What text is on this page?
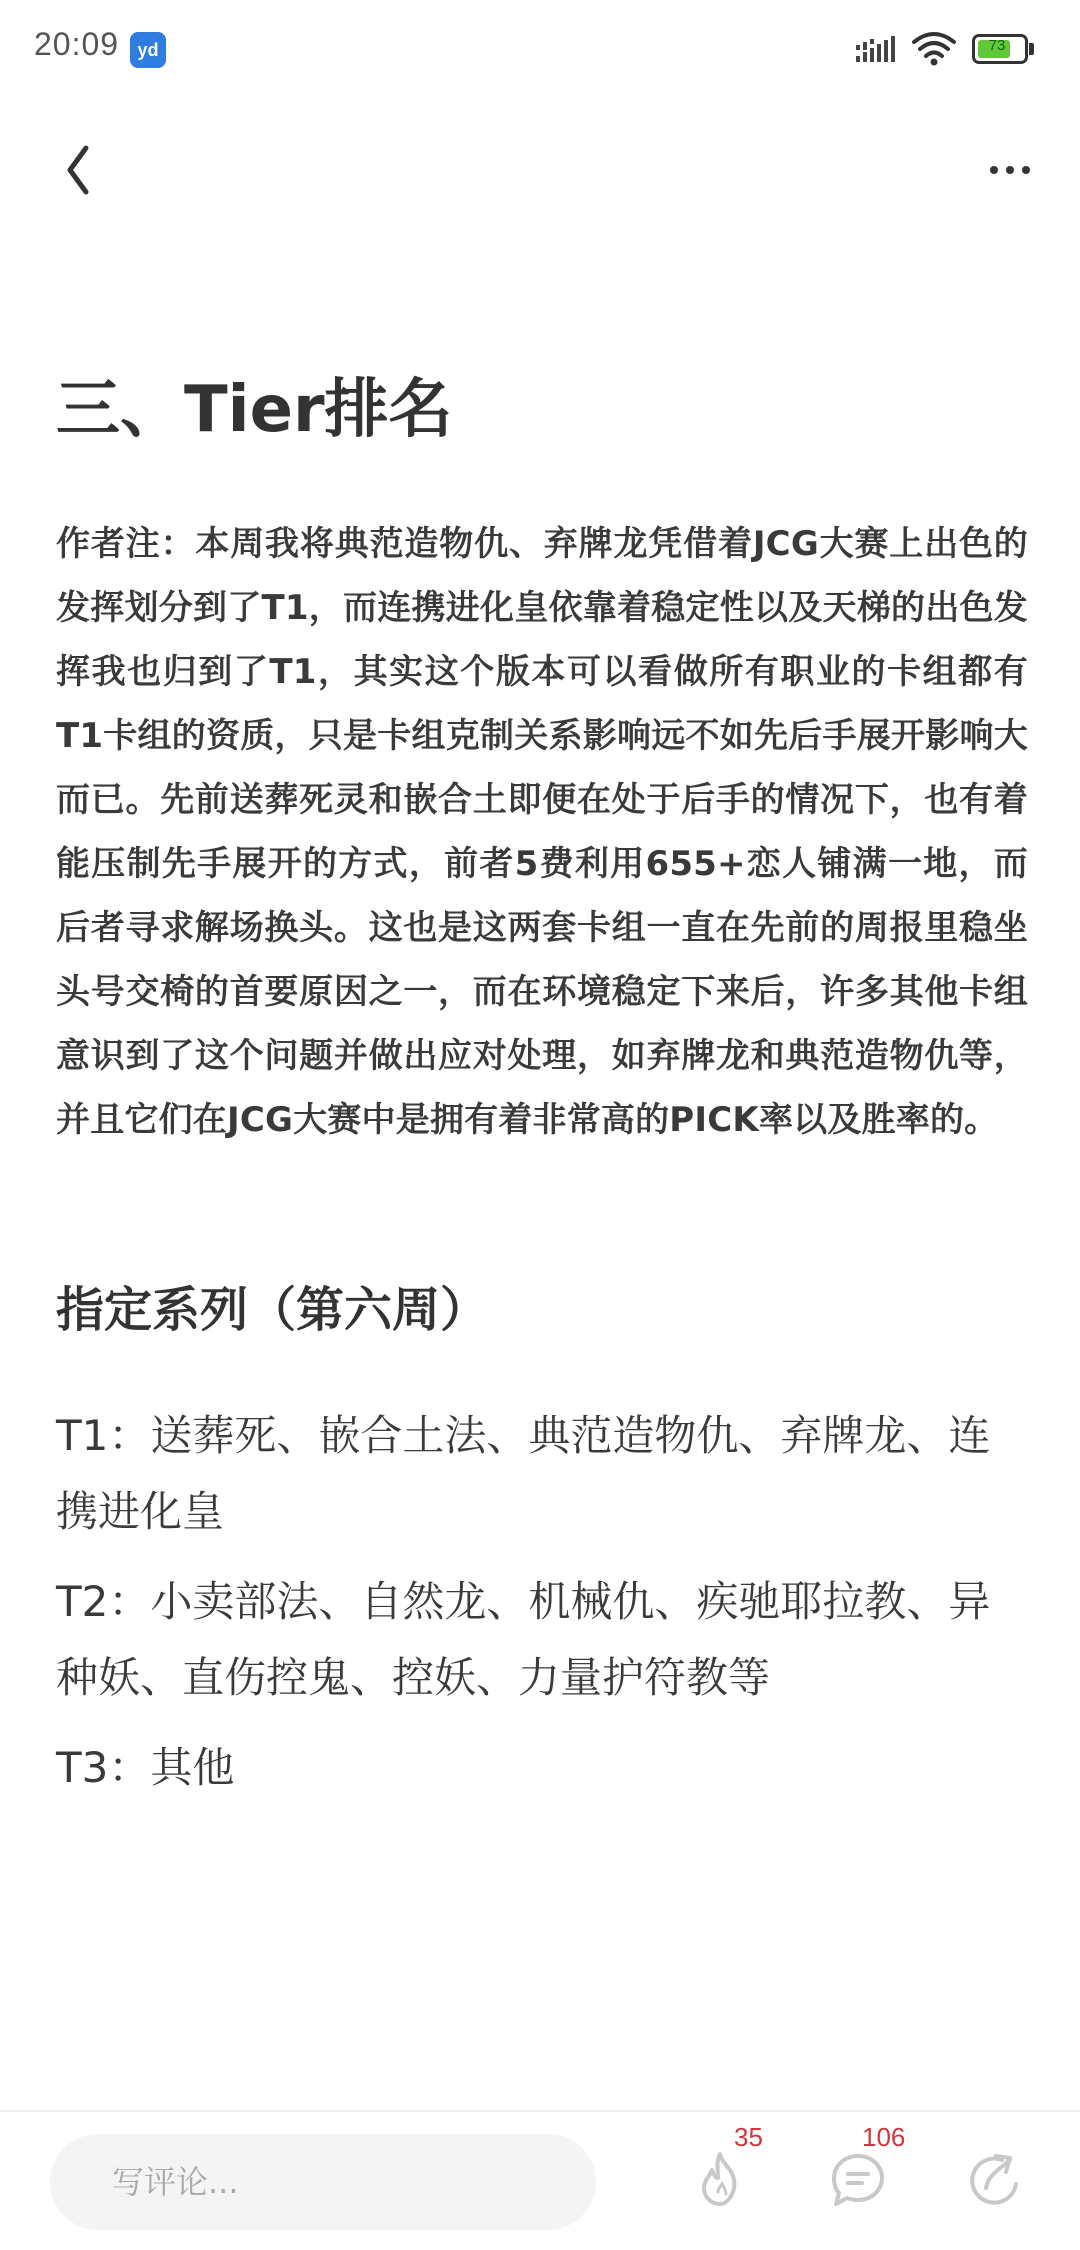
20:09	yd	73
三、Tier排名

作者注：本周我将典范造物仇、弃牌龙凭借着JCG大赛上出色的发挥划分到了T1，而连携进化皇依靠着稳定性以及天梯的出色发挥我也归到了T1，其实这个版本可以看做所有职业的卡组都有T1卡组的资质，只是卡组克制关系影响远不如先后手展开影响大而已。先前送葬死灵和嵌合土即便在处于后手的情况下，也有着能压制先手展开的方式，前者5费利用655+恋人铺满一地，而后者寻求解场换头。这也是这两套卡组一直在先前的周报里稳坐头号交椅的首要原因之一，而在环境稳定下来后，许多其他卡组意识到了这个问题并做出应对处理，如弃牌龙和典范造物仇等，并且它们在JCG大赛中是拥有着非常高的PICK率以及胜率的。

指定系列（第六周）

T1：送葬死、嵌合土法、典范造物仇、弃牌龙、连携进化皇

T2：小卖部法、自然龙、机械仇、疾驰耶拉教、异种妖、直伤控鬼、控妖、力量护符教等

T3：其他

写评论...
35	106
